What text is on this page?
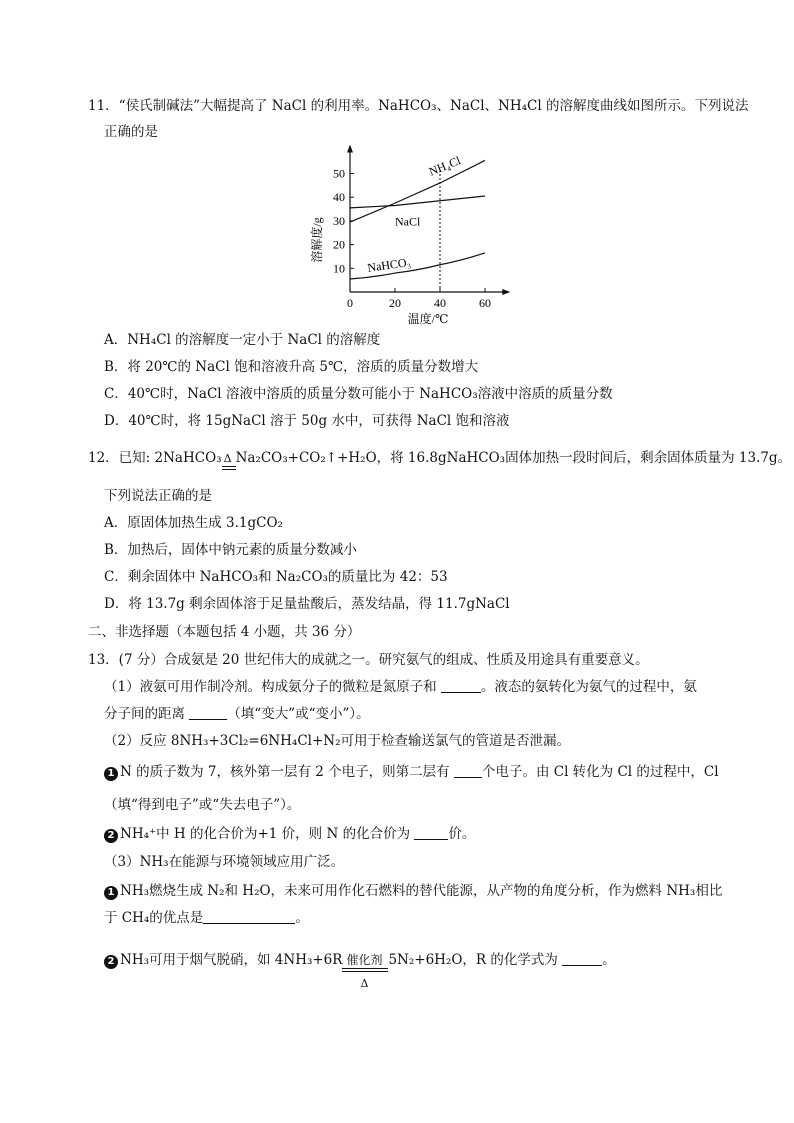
11．“侯氏制碱法”大幅提高了 NaCl 的利用率。NaHCO₃、NaCl、NH₄Cl 的溶解度曲线如图所示。下列说法
正确的是
0	20	40	60
10
20
30
40
50
温度/℃
溶解度/g
NH₄Cl
NaCl
NaHCO₃
A．NH₄Cl 的溶解度一定小于 NaCl 的溶解度
B．将 20℃的 NaCl 饱和溶液升高 5℃，溶质的质量分数增大
C．40℃时，NaCl 溶液中溶质的质量分数可能小于 NaHCO₃溶液中溶质的质量分数
D．40℃时，将 15gNaCl 溶于 50g 水中，可获得 NaCl 饱和溶液
12．已知: 2NaHCO₃ Δ Na₂CO₃+CO₂↑+H₂O，将 16.8gNaHCO₃固体加热一段时间后，剩余固体质量为 13.7g。
下列说法正确的是
A．原固体加热生成 3.1gCO₂
B．加热后，固体中钠元素的质量分数减小
C．剩余固体中 NaHCO₃和 Na₂CO₃的质量比为 42：53
D．将 13.7g 剩余固体溶于足量盐酸后，蒸发结晶，得 11.7gNaCl
二、非选择题（本题包括 4 小题，共 36 分）
13．(7 分）合成氨是 20 世纪伟大的成就之一。研究氨气的组成、性质及用途具有重要意义。
（1）液氨可用作制冷剂。构成氨分子的微粒是氮原子和	。液态的氨转化为氨气的过程中，氨
分子间的距离	（填“变大”或“变小”）。
（2）反应 8NH₃+3Cl₂=6NH₄Cl+N₂可用于检查输送氯气的管道是否泄漏。
1 N 的质子数为 7，核外第一层有 2 个电子，则第二层有 个电子。由 Cl 转化为 Cl 的过程中，Cl
（填“得到电子”或“失去电子”）。
2 NH₄⁺中 H 的化合价为+1 价，则 N 的化合价为	价。
（3）NH₃在能源与环境领域应用广泛。
1 NH₃燃烧生成 N₂和 H₂O，未来可用作化石燃料的替代能源，从产物的角度分析，作为燃料 NH₃相比
于 CH₄的优点是	。
2 NH₃可用于烟气脱硝，如 4NH₃+6R 催化剂
Δ
5N₂+6H₂O，R 的化学式为	。
